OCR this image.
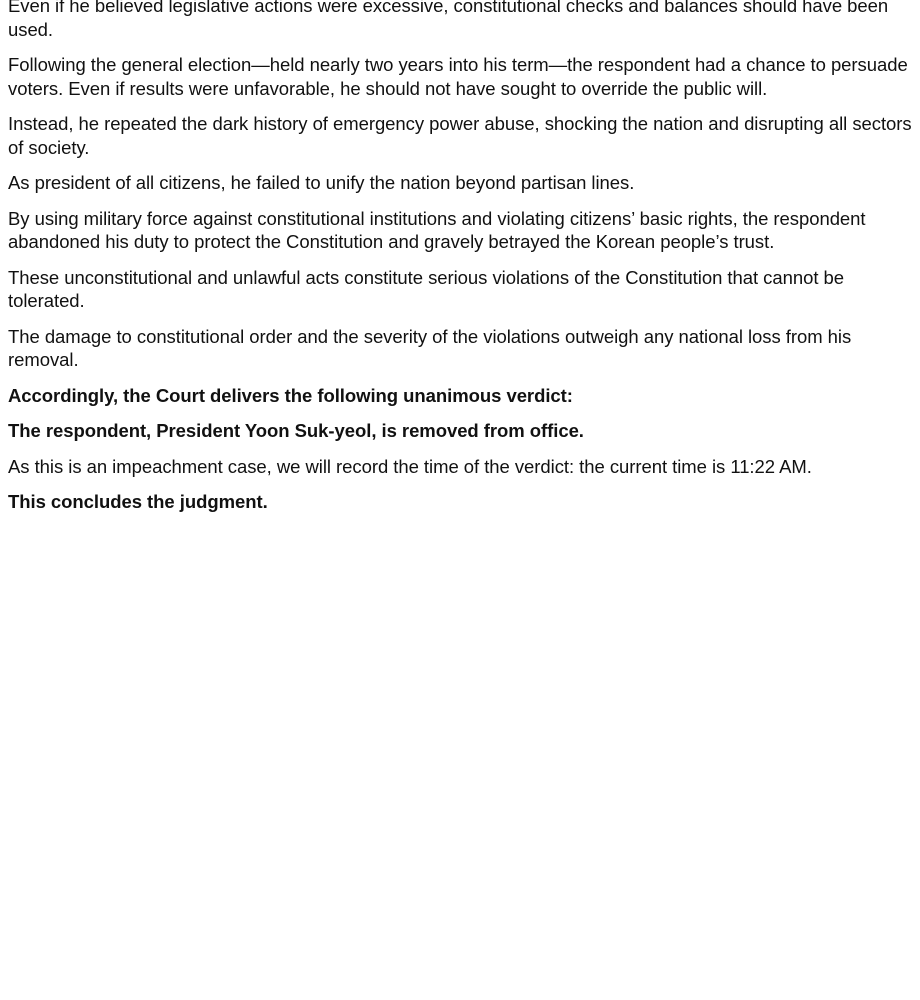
Even if he believed legislative actions were excessive, constitutional checks and balances should have been used.

Following the general election—held nearly two years into his term—the respondent had a chance to persuade voters. Even if results were unfavorable, he should not have sought to override the public will.

Instead, he repeated the dark history of emergency power abuse, shocking the nation and disrupting all sectors of society.

As president of all citizens, he failed to unify the nation beyond partisan lines.

By using military force against constitutional institutions and violating citizens’ basic rights, the respondent abandoned his duty to protect the Constitution and gravely betrayed the Korean people’s trust.

These unconstitutional and unlawful acts constitute serious violations of the Constitution that cannot be tolerated.

The damage to constitutional order and the severity of the violations outweigh any national loss from his removal.

Accordingly, the Court delivers the following unanimous verdict:

The respondent, President Yoon Suk-yeol, is removed from office.

As this is an impeachment case, we will record the time of the verdict: the current time is 11:22 AM.

This concludes the judgment.
